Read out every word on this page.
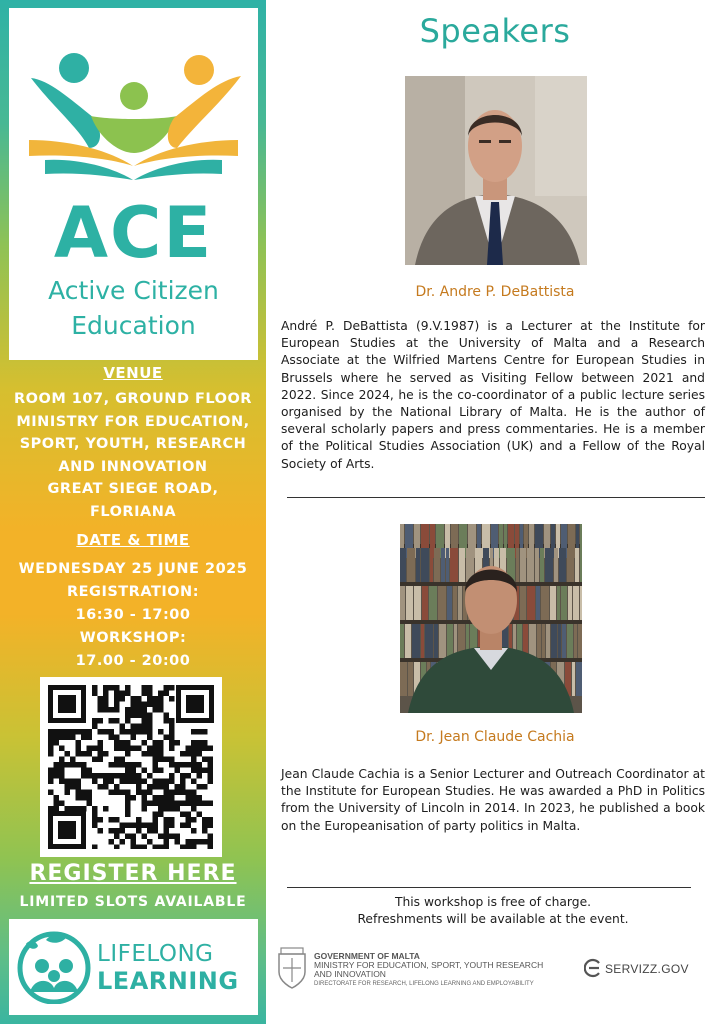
ACE
Active Citizen
Education
VENUE
ROOM 107, GROUND FLOOR
MINISTRY FOR EDUCATION,
SPORT, YOUTH, RESEARCH
AND INNOVATION
GREAT SIEGE ROAD,
FLORIANA
DATE & TIME
WEDNESDAY 25 JUNE 2025
REGISTRATION:
16:30 - 17:00
WORKSHOP:
17.00 - 20:00
REGISTER HERE
LIMITED SLOTS AVAILABLE
LIFELONG
LEARNING
Speakers
Dr. Andre P. DeBattista
André P. DeBattista (9.V.1987) is a Lecturer at the Institute for European Studies at the University of Malta and a Research Associate at the Wilfried Martens Centre for European Studies in Brussels where he served as Visiting Fellow between 2021 and 2022. Since 2024, he is the co-coordinator of a public lecture series organised by the National Library of Malta. He is the author of several scholarly papers and press commentaries. He is a member of the Political Studies Association (UK) and a Fellow of the Royal Society of Arts.
Dr. Jean Claude Cachia
Jean Claude Cachia is a Senior Lecturer and Outreach Coordinator at the Institute for European Studies. He was awarded a PhD in Politics from the University of Lincoln in 2014. In 2023, he published a book on the Europeanisation of party politics in Malta.
This workshop is free of charge.
Refreshments will be available at the event.
GOVERNMENT OF MALTA
MINISTRY FOR EDUCATION, SPORT, YOUTH RESEARCH AND INNOVATION
DIRECTORATE FOR RESEARCH, LIFELONG LEARNING AND EMPLOYABILITY
SERVIZZ.GOV
